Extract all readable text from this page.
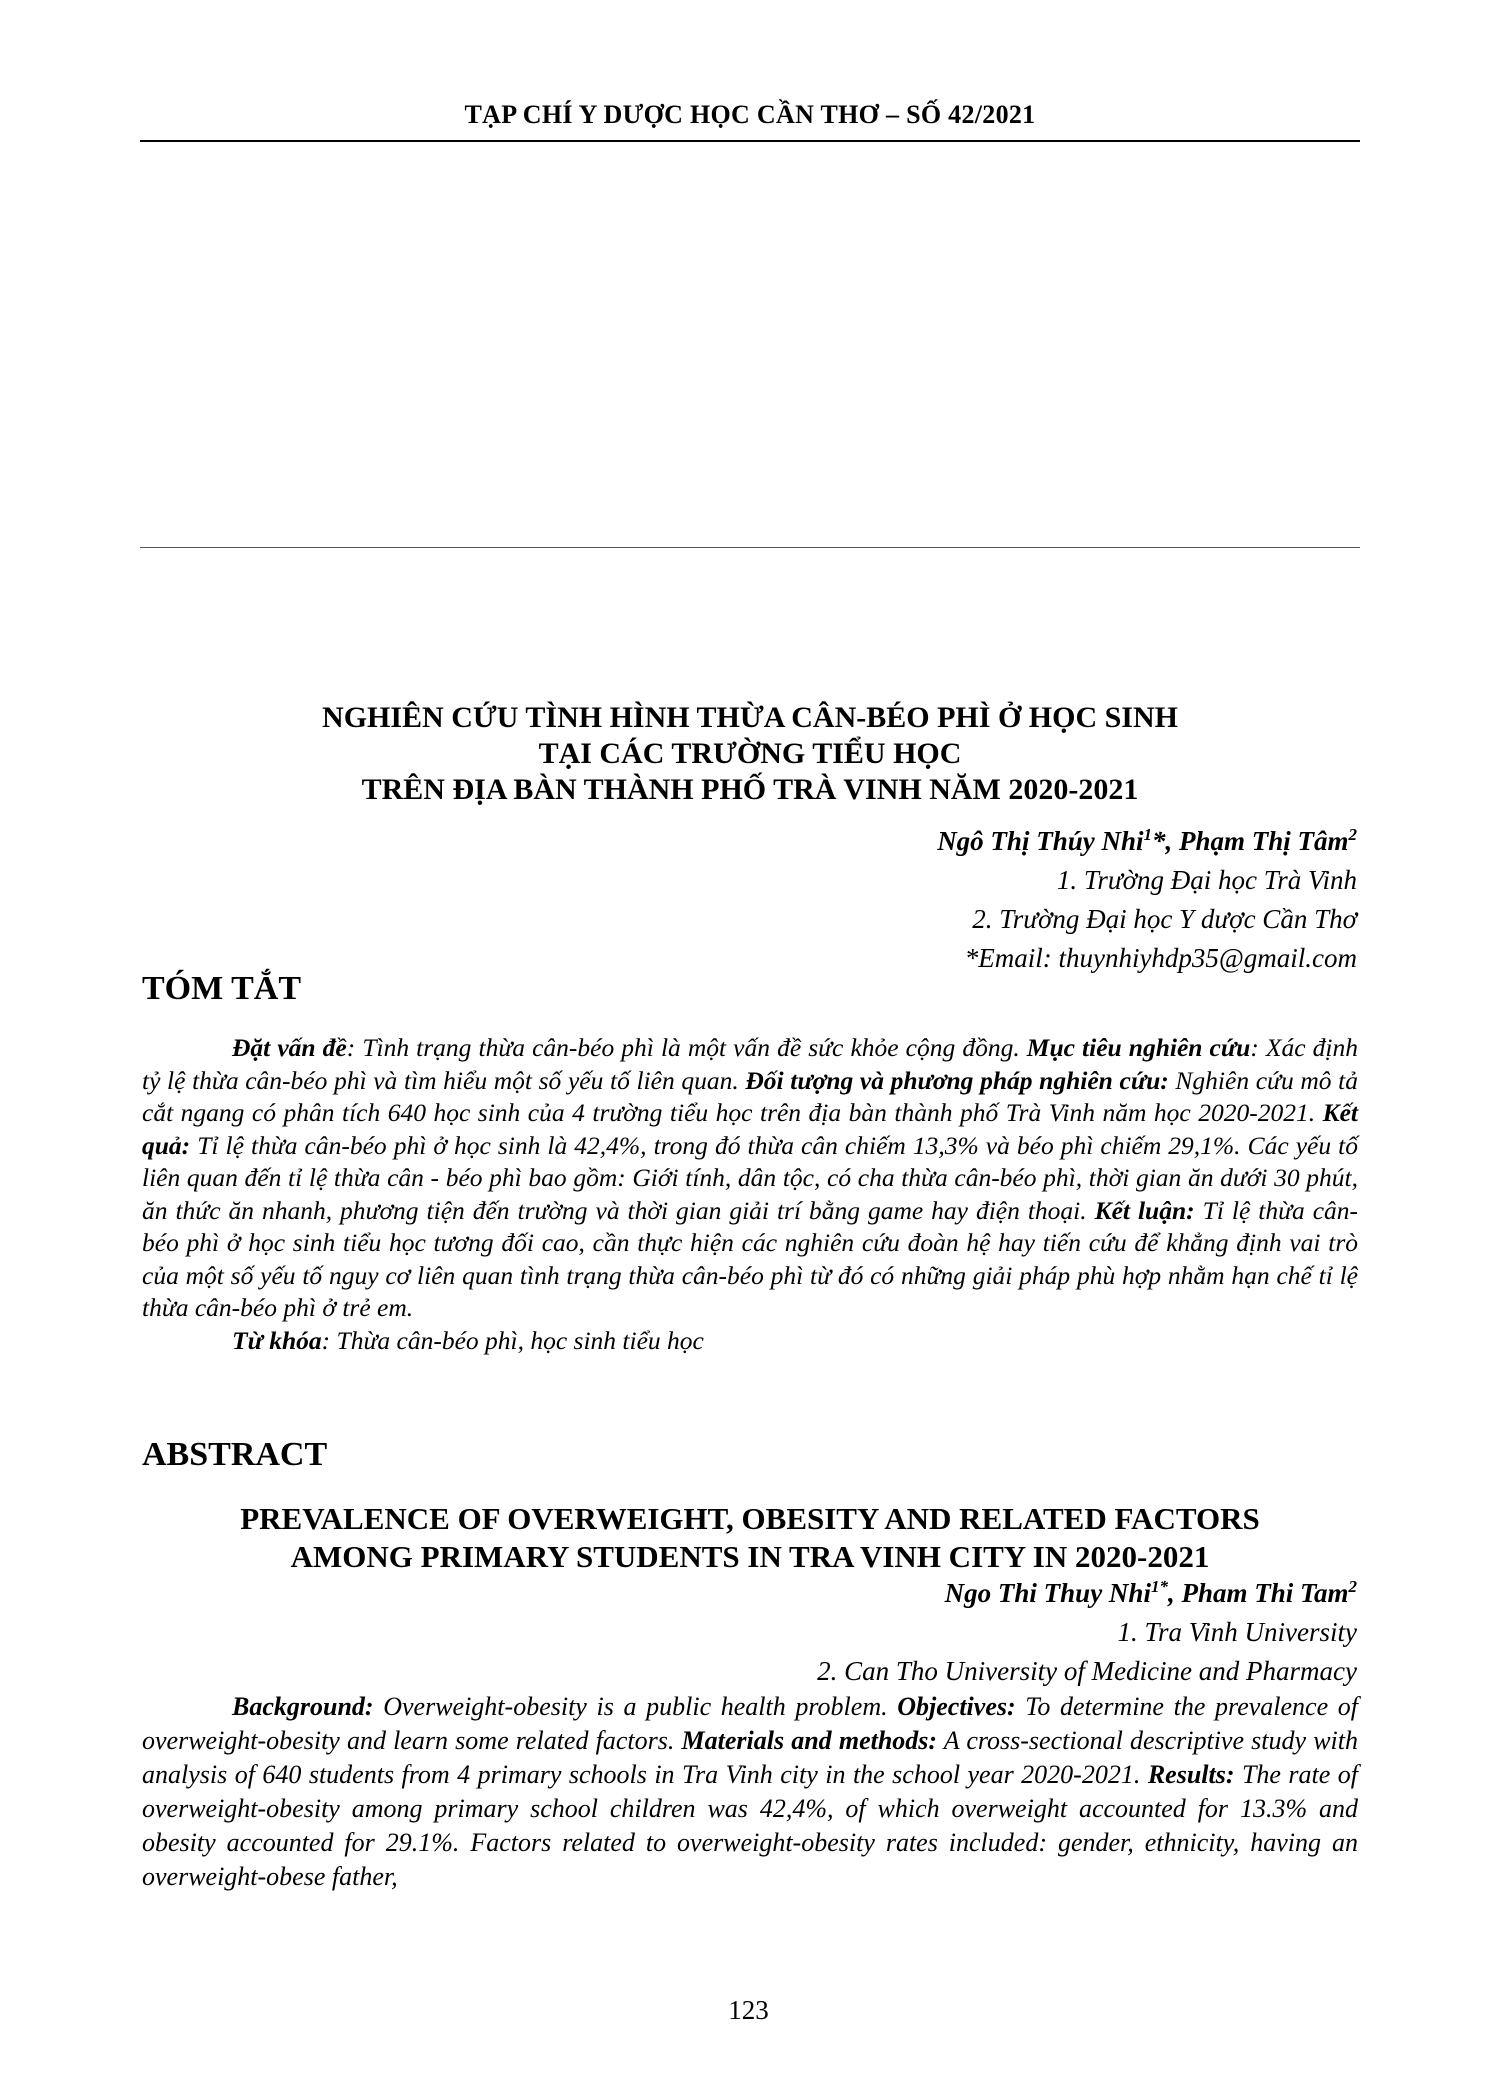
TẠP CHÍ Y DƯỢC HỌC CẦN THƠ – SỐ 42/2021
NGHIÊN CỨU TÌNH HÌNH THỪA CÂN-BÉO PHÌ Ở HỌC SINH
TẠI CÁC TRƯỜNG TIỂU HỌC
TRÊN ĐỊA BÀN THÀNH PHỐ TRÀ VINH NĂM 2020-2021
Ngô Thị Thúy Nhi$^1$*, Phạm Thị Tâm$^2$
1. Trường Đại học Trà Vinh
2. Trường Đại học Y dược Cần Thơ
*Email: thuynhiyhdp35@gmail.com
TÓM TẮT
Đặt vấn đề: Tình trạng thừa cân-béo phì là một vấn đề sức khỏe cộng đồng. Mục tiêu nghiên cứu: Xác định tỷ lệ thừa cân-béo phì và tìm hiểu một số yếu tố liên quan. Đối tượng và phương pháp nghiên cứu: Nghiên cứu mô tả cắt ngang có phân tích 640 học sinh của 4 trường tiểu học trên địa bàn thành phố Trà Vinh năm học 2020-2021. Kết quả: Tỉ lệ thừa cân-béo phì ở học sinh là 42,4%, trong đó thừa cân chiếm 13,3% và béo phì chiếm 29,1%. Các yếu tố liên quan đến tỉ lệ thừa cân - béo phì bao gồm: Giới tính, dân tộc, có cha thừa cân-béo phì, thời gian ăn dưới 30 phút, ăn thức ăn nhanh, phương tiện đến trường và thời gian giải trí bằng game hay điện thoại. Kết luận: Tỉ lệ thừa cân-béo phì ở học sinh tiểu học tương đối cao, cần thực hiện các nghiên cứu đoàn hệ hay tiến cứu để khẳng định vai trò của một số yếu tố nguy cơ liên quan tình trạng thừa cân-béo phì từ đó có những giải pháp phù hợp nhằm hạn chế tỉ lệ thừa cân-béo phì ở trẻ em.
Từ khóa: Thừa cân-béo phì, học sinh tiểu học
ABSTRACT
PREVALENCE OF OVERWEIGHT, OBESITY AND RELATED FACTORS
AMONG PRIMARY STUDENTS IN TRA VINH CITY IN 2020-2021
Ngo Thi Thuy Nhi$^{1*}$, Pham Thi Tam$^2$
1. Tra Vinh University
2. Can Tho University of Medicine and Pharmacy
Background: Overweight-obesity is a public health problem. Objectives: To determine the prevalence of overweight-obesity and learn some related factors. Materials and methods: A cross-sectional descriptive study with analysis of 640 students from 4 primary schools in Tra Vinh city in the school year 2020-2021. Results: The rate of overweight-obesity among primary school children was 42,4%, of which overweight accounted for 13.3% and obesity accounted for 29.1%. Factors related to overweight-obesity rates included: gender, ethnicity, having an overweight-obese father,
123
